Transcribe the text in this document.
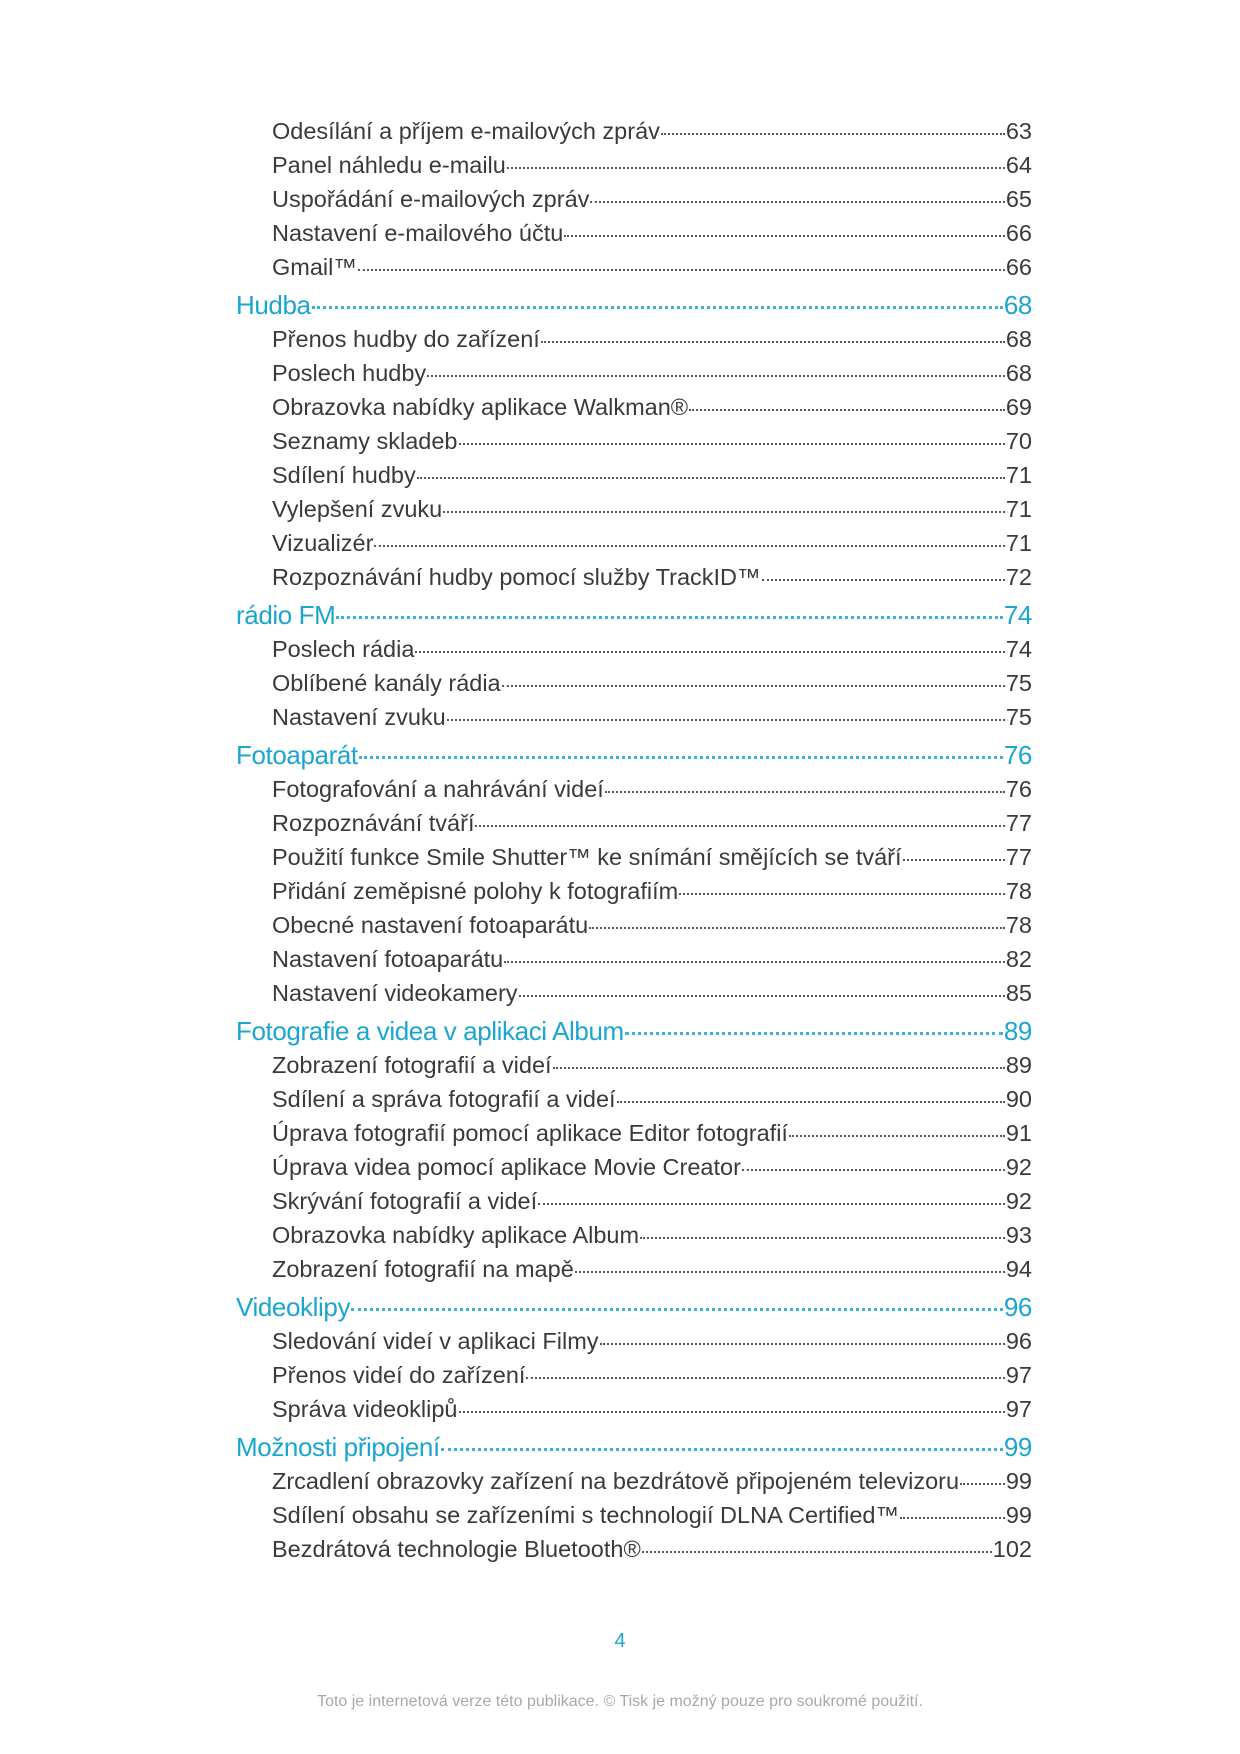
Odesílání a příjem e-mailových zpráv	63
Panel náhledu e-mailu	64
Uspořádání e-mailových zpráv	65
Nastavení e-mailového účtu	66
Gmail™	66
Hudba	68
Přenos hudby do zařízení	68
Poslech hudby	68
Obrazovka nabídky aplikace Walkman®	69
Seznamy skladeb	70
Sdílení hudby	71
Vylepšení zvuku	71
Vizualizér	71
Rozpoznávání hudby pomocí služby TrackID™	72
rádio FM	74
Poslech rádia	74
Oblíbené kanály rádia	75
Nastavení zvuku	75
Fotoaparát	76
Fotografování a nahrávání videí	76
Rozpoznávání tváří	77
Použití funkce Smile Shutter™ ke snímání smějících se tváří	77
Přidání zeměpisné polohy k fotografiím	78
Obecné nastavení fotoaparátu	78
Nastavení fotoaparátu	82
Nastavení videokamery	85
Fotografie a videa v aplikaci Album	89
Zobrazení fotografií a videí	89
Sdílení a správa fotografií a videí	90
Úprava fotografií pomocí aplikace Editor fotografií	91
Úprava videa pomocí aplikace Movie Creator	92
Skrývání fotografií a videí	92
Obrazovka nabídky aplikace Album	93
Zobrazení fotografií na mapě	94
Videoklipy	96
Sledování videí v aplikaci Filmy	96
Přenos videí do zařízení	97
Správa videoklipů	97
Možnosti připojení	99
Zrcadlení obrazovky zařízení na bezdrátově připojeném televizoru 99
Sdílení obsahu se zařízeními s technologií DLNA Certified™	99
Bezdrátová technologie Bluetooth®	102
4
Toto je internetová verze této publikace. © Tisk je možný pouze pro soukromé použití.
